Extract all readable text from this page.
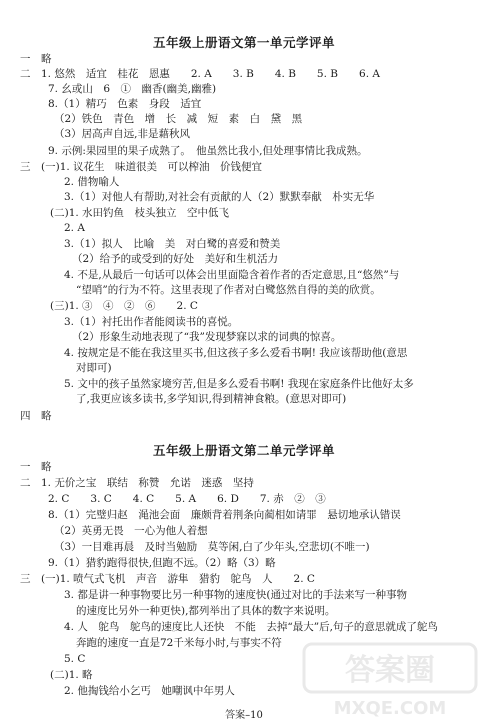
五年级上册语文第一单元学评单
一　略
二　1. 悠然　适宜　桂花　恩惠　　2. A　　3. B　　4. B　　5. B　　6. A
7. 幺或山　6　①　幽香(幽美,幽雅)
8.（1）精巧　色素　身段　适宜
（2）铁色　青色　增　长　减　短　素　白　黛　黑
（3）居高声自远,非是藉秋风
9. 示例:果园里的果子成熟了。　他虽然比我小,但处理事情比我成熟。
三　(一)1. 议花生　味道很美　可以榨油　价钱便宜
2. 借物喻人
3.（1）对他人有帮助,对社会有贡献的人（2）默默奉献　朴实无华
(二)1. 水田钓鱼　枝头独立　空中低飞
2. A
3.（1）拟人　比喻　美　对白鹭的喜爱和赞美
（2）给予的或受到的好处　美好和生机活力
4. 不是,从最后一句话可以体会出里面隐含着作者的否定意思,且“悠然”与
“望哨”的行为不符。这里表现了作者对白鹭悠然自得的美的欣赏。
(三)1. ③　④　②　⑥　　2. C
3.（1）衬托出作者能阅读书的喜悦。
（2）形象生动地表现了“我”发现梦寐以求的词典的惊喜。
4. 按规定是不能在我这里买书,但这孩子多么爱看书啊! 我应该帮助他(意思
对即可)
5. 文中的孩子虽然家境穷苦,但是多么爱看书啊! 我现在家庭条件比他好太多
了,我更应该多读书,多学知识,得到精神食粮。(意思对即可)
四　略
五年级上册语文第二单元学评单
一　略
二　1. 无价之宝　联结　称赞　允诺　迷惑　坚持
2. C　　3. C　　4. C　　5. A　　6. D　　7. 赤　②　③
8.（1）完璧归赵　渑池会面　廉颇背着荆条向蔺相如请罪　悬切地承认错误
（2）英勇无畏　一心为他人着想
（3）一目难再晨　及时当勉励　莫等闲,白了少年头,空悲切(不唯一)
9.（1）猎豹跑得很快,但跑不远。（2）略（3）略
三　(一)1. 喷气式飞机　声音　游隼　猎豹　鸵鸟　人　　2. C
3. 都是讲一种事物要比另一种事物的速度快(通过对比的手法来写一种事物
的速度比另外一种更快),都列举出了具体的数字来说明。
4. 人　鸵鸟　鸵鸟的速度比人还快　不能　去掉“最大”后,句子的意思就成了鸵鸟
奔跑的速度一直是72千米每小时,与事实不符
5. C
(二)1. 略
2. 他掏钱给小乞丐　她嘲讽中年男人
答案–10
答案圈
MXQE.COM
